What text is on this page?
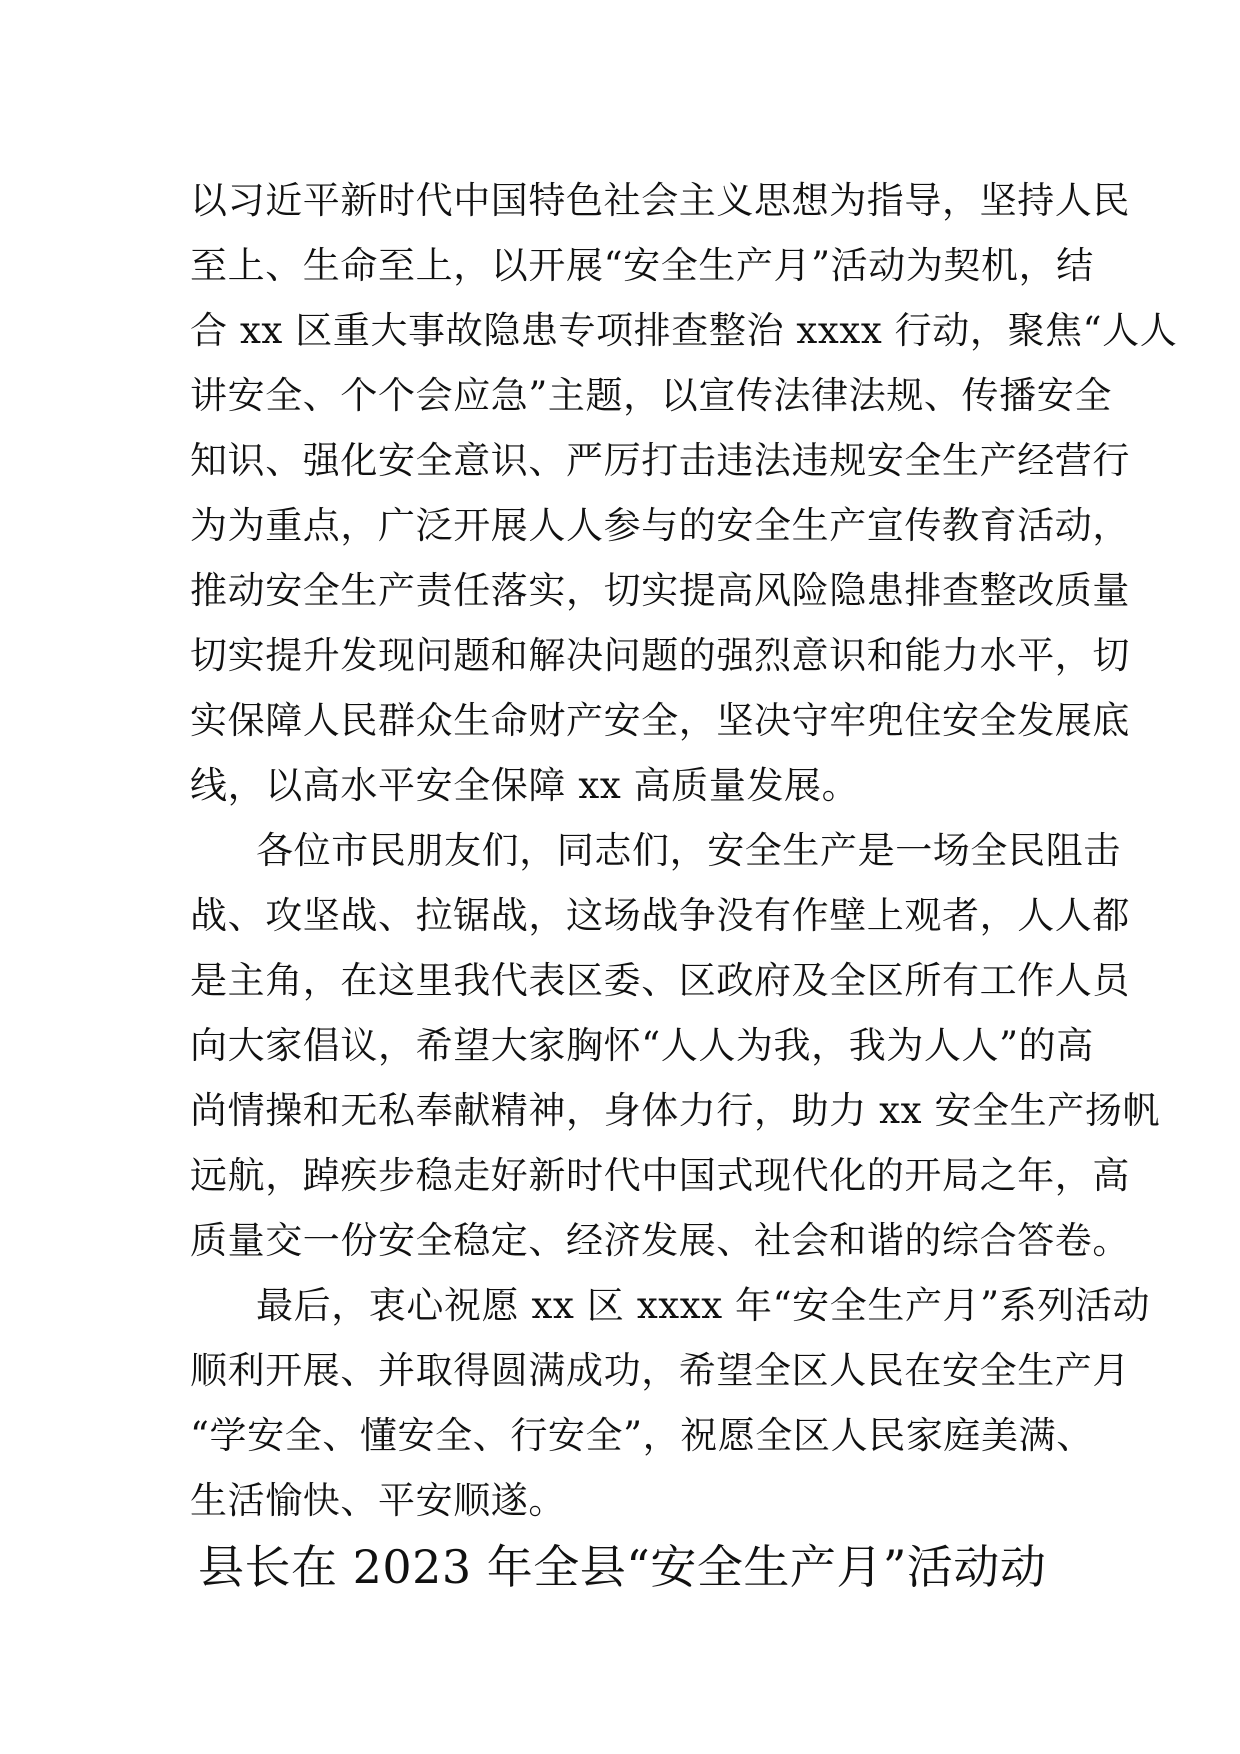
以习近平新时代中国特色社会主义思想为指导，坚持人民
至上、生命至上，以开展“安全生产月”活动为契机，结
合 xx 区重大事故隐患专项排查整治 xxxx 行动，聚焦“人人
讲安全、个个会应急”主题，以宣传法律法规、传播安全
知识、强化安全意识、严厉打击违法违规安全生产经营行
为为重点，广泛开展人人参与的安全生产宣传教育活动，
推动安全生产责任落实，切实提高风险隐患排查整改质量
切实提升发现问题和解决问题的强烈意识和能力水平，切
实保障人民群众生命财产安全，坚决守牢兜住安全发展底
线，以高水平安全保障 xx 高质量发展。
各位市民朋友们，同志们，安全生产是一场全民阻击
战、攻坚战、拉锯战，这场战争没有作壁上观者，人人都
是主角，在这里我代表区委、区政府及全区所有工作人员
向大家倡议，希望大家胸怀“人人为我，我为人人”的高
尚情操和无私奉献精神，身体力行，助力 xx 安全生产扬帆
远航，踔疾步稳走好新时代中国式现代化的开局之年，高
质量交一份安全稳定、经济发展、社会和谐的综合答卷。
最后，衷心祝愿 xx 区 xxxx 年“安全生产月”系列活动
顺利开展、并取得圆满成功，希望全区人民在安全生产月
“学安全、懂安全、行安全”，祝愿全区人民家庭美满、
生活愉快、平安顺遂。
县长在 2023 年全县“安全生产月”活动动
